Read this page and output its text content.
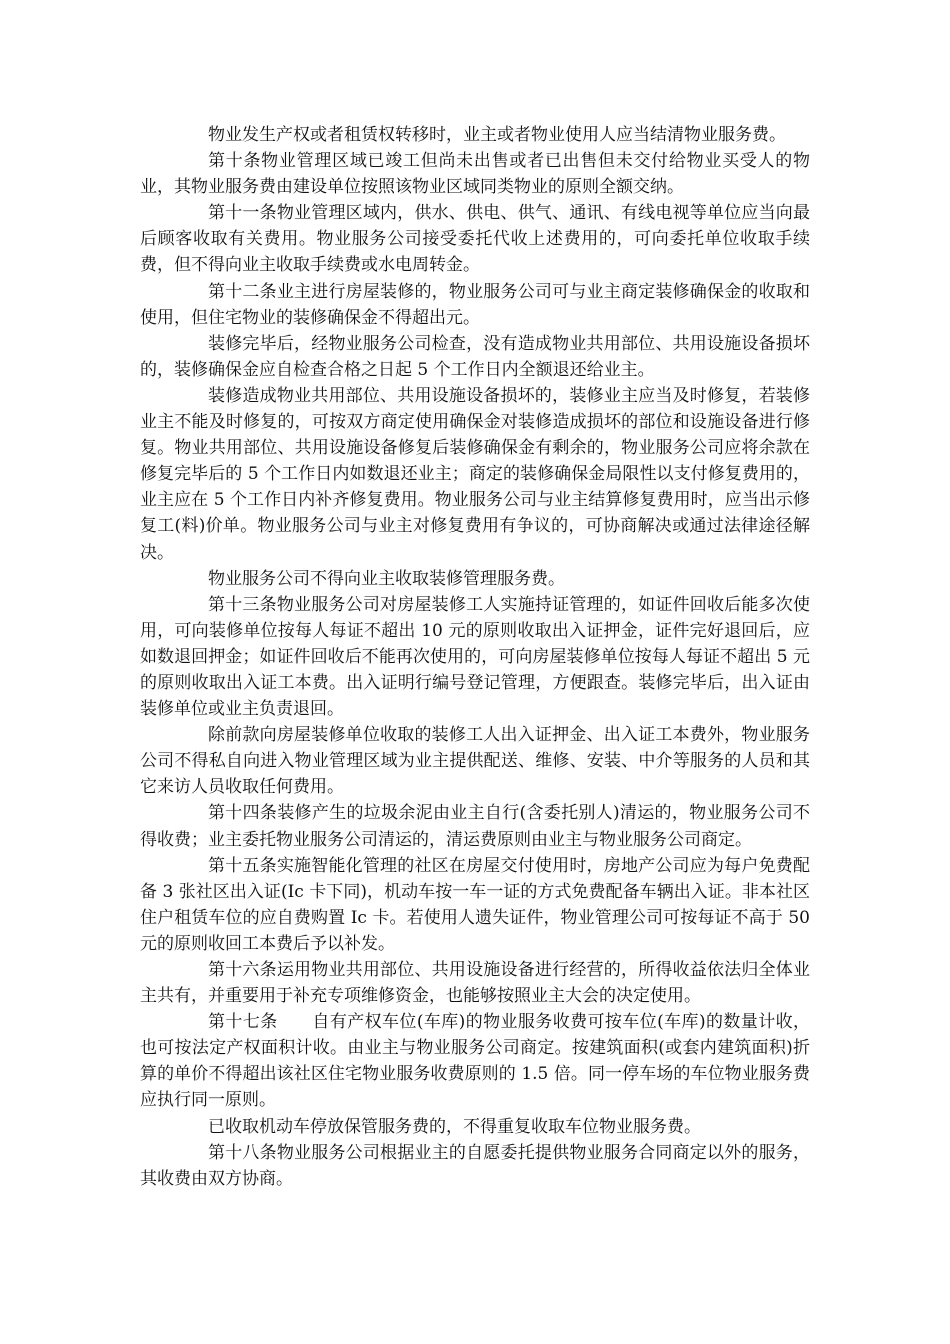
物业发生产权或者租赁权转移时，业主或者物业使用人应当结清物业服务费。

第十条物业管理区域已竣工但尚未出售或者已出售但未交付给物业买受人的物业，其物业服务费由建设单位按照该物业区域同类物业的原则全额交纳。

第十一条物业管理区域内，供水、供电、供气、通讯、有线电视等单位应当向最后顾客收取有关费用。物业服务公司接受委托代收上述费用的，可向委托单位收取手续费，但不得向业主收取手续费或水电周转金。

第十二条业主进行房屋装修的，物业服务公司可与业主商定装修确保金的收取和使用，但住宅物业的装修确保金不得超出元。

装修完毕后，经物业服务公司检查，没有造成物业共用部位、共用设施设备损坏的，装修确保金应自检查合格之日起 5 个工作日内全额退还给业主。

装修造成物业共用部位、共用设施设备损坏的，装修业主应当及时修复，若装修业主不能及时修复的，可按双方商定使用确保金对装修造成损坏的部位和设施设备进行修复。物业共用部位、共用设施设备修复后装修确保金有剩余的，物业服务公司应将余款在修复完毕后的 5 个工作日内如数退还业主；商定的装修确保金局限性以支付修复费用的，业主应在 5 个工作日内补齐修复费用。物业服务公司与业主结算修复费用时，应当出示修复工(料)价单。物业服务公司与业主对修复费用有争议的，可协商解决或通过法律途径解决。

物业服务公司不得向业主收取装修管理服务费。

第十三条物业服务公司对房屋装修工人实施持证管理的，如证件回收后能多次使用，可向装修单位按每人每证不超出 10 元的原则收取出入证押金，证件完好退回后，应如数退回押金；如证件回收后不能再次使用的，可向房屋装修单位按每人每证不超出 5 元的原则收取出入证工本费。出入证明行编号登记管理，方便跟查。装修完毕后，出入证由装修单位或业主负责退回。

除前款向房屋装修单位收取的装修工人出入证押金、出入证工本费外，物业服务公司不得私自向进入物业管理区域为业主提供配送、维修、安装、中介等服务的人员和其它来访人员收取任何费用。

第十四条装修产生的垃圾余泥由业主自行(含委托别人)清运的，物业服务公司不得收费；业主委托物业服务公司清运的，清运费原则由业主与物业服务公司商定。

第十五条实施智能化管理的社区在房屋交付使用时，房地产公司应为每户免费配备 3 张社区出入证(Ic 卡下同)，机动车按一车一证的方式免费配备车辆出入证。非本社区住户租赁车位的应自费购置 Ic 卡。若使用人遗失证件，物业管理公司可按每证不高于 50 元的原则收回工本费后予以补发。

第十六条运用物业共用部位、共用设施设备进行经营的，所得收益依法归全体业主共有，并重要用于补充专项维修资金，也能够按照业主大会的决定使用。

第十七条　　自有产权车位(车库)的物业服务收费可按车位(车库)的数量计收，也可按法定产权面积计收。由业主与物业服务公司商定。按建筑面积(或套内建筑面积)折算的单价不得超出该社区住宅物业服务收费原则的 1.5 倍。同一停车场的车位物业服务费应执行同一原则。

已收取机动车停放保管服务费的，不得重复收取车位物业服务费。

第十八条物业服务公司根据业主的自愿委托提供物业服务合同商定以外的服务，其收费由双方协商。
